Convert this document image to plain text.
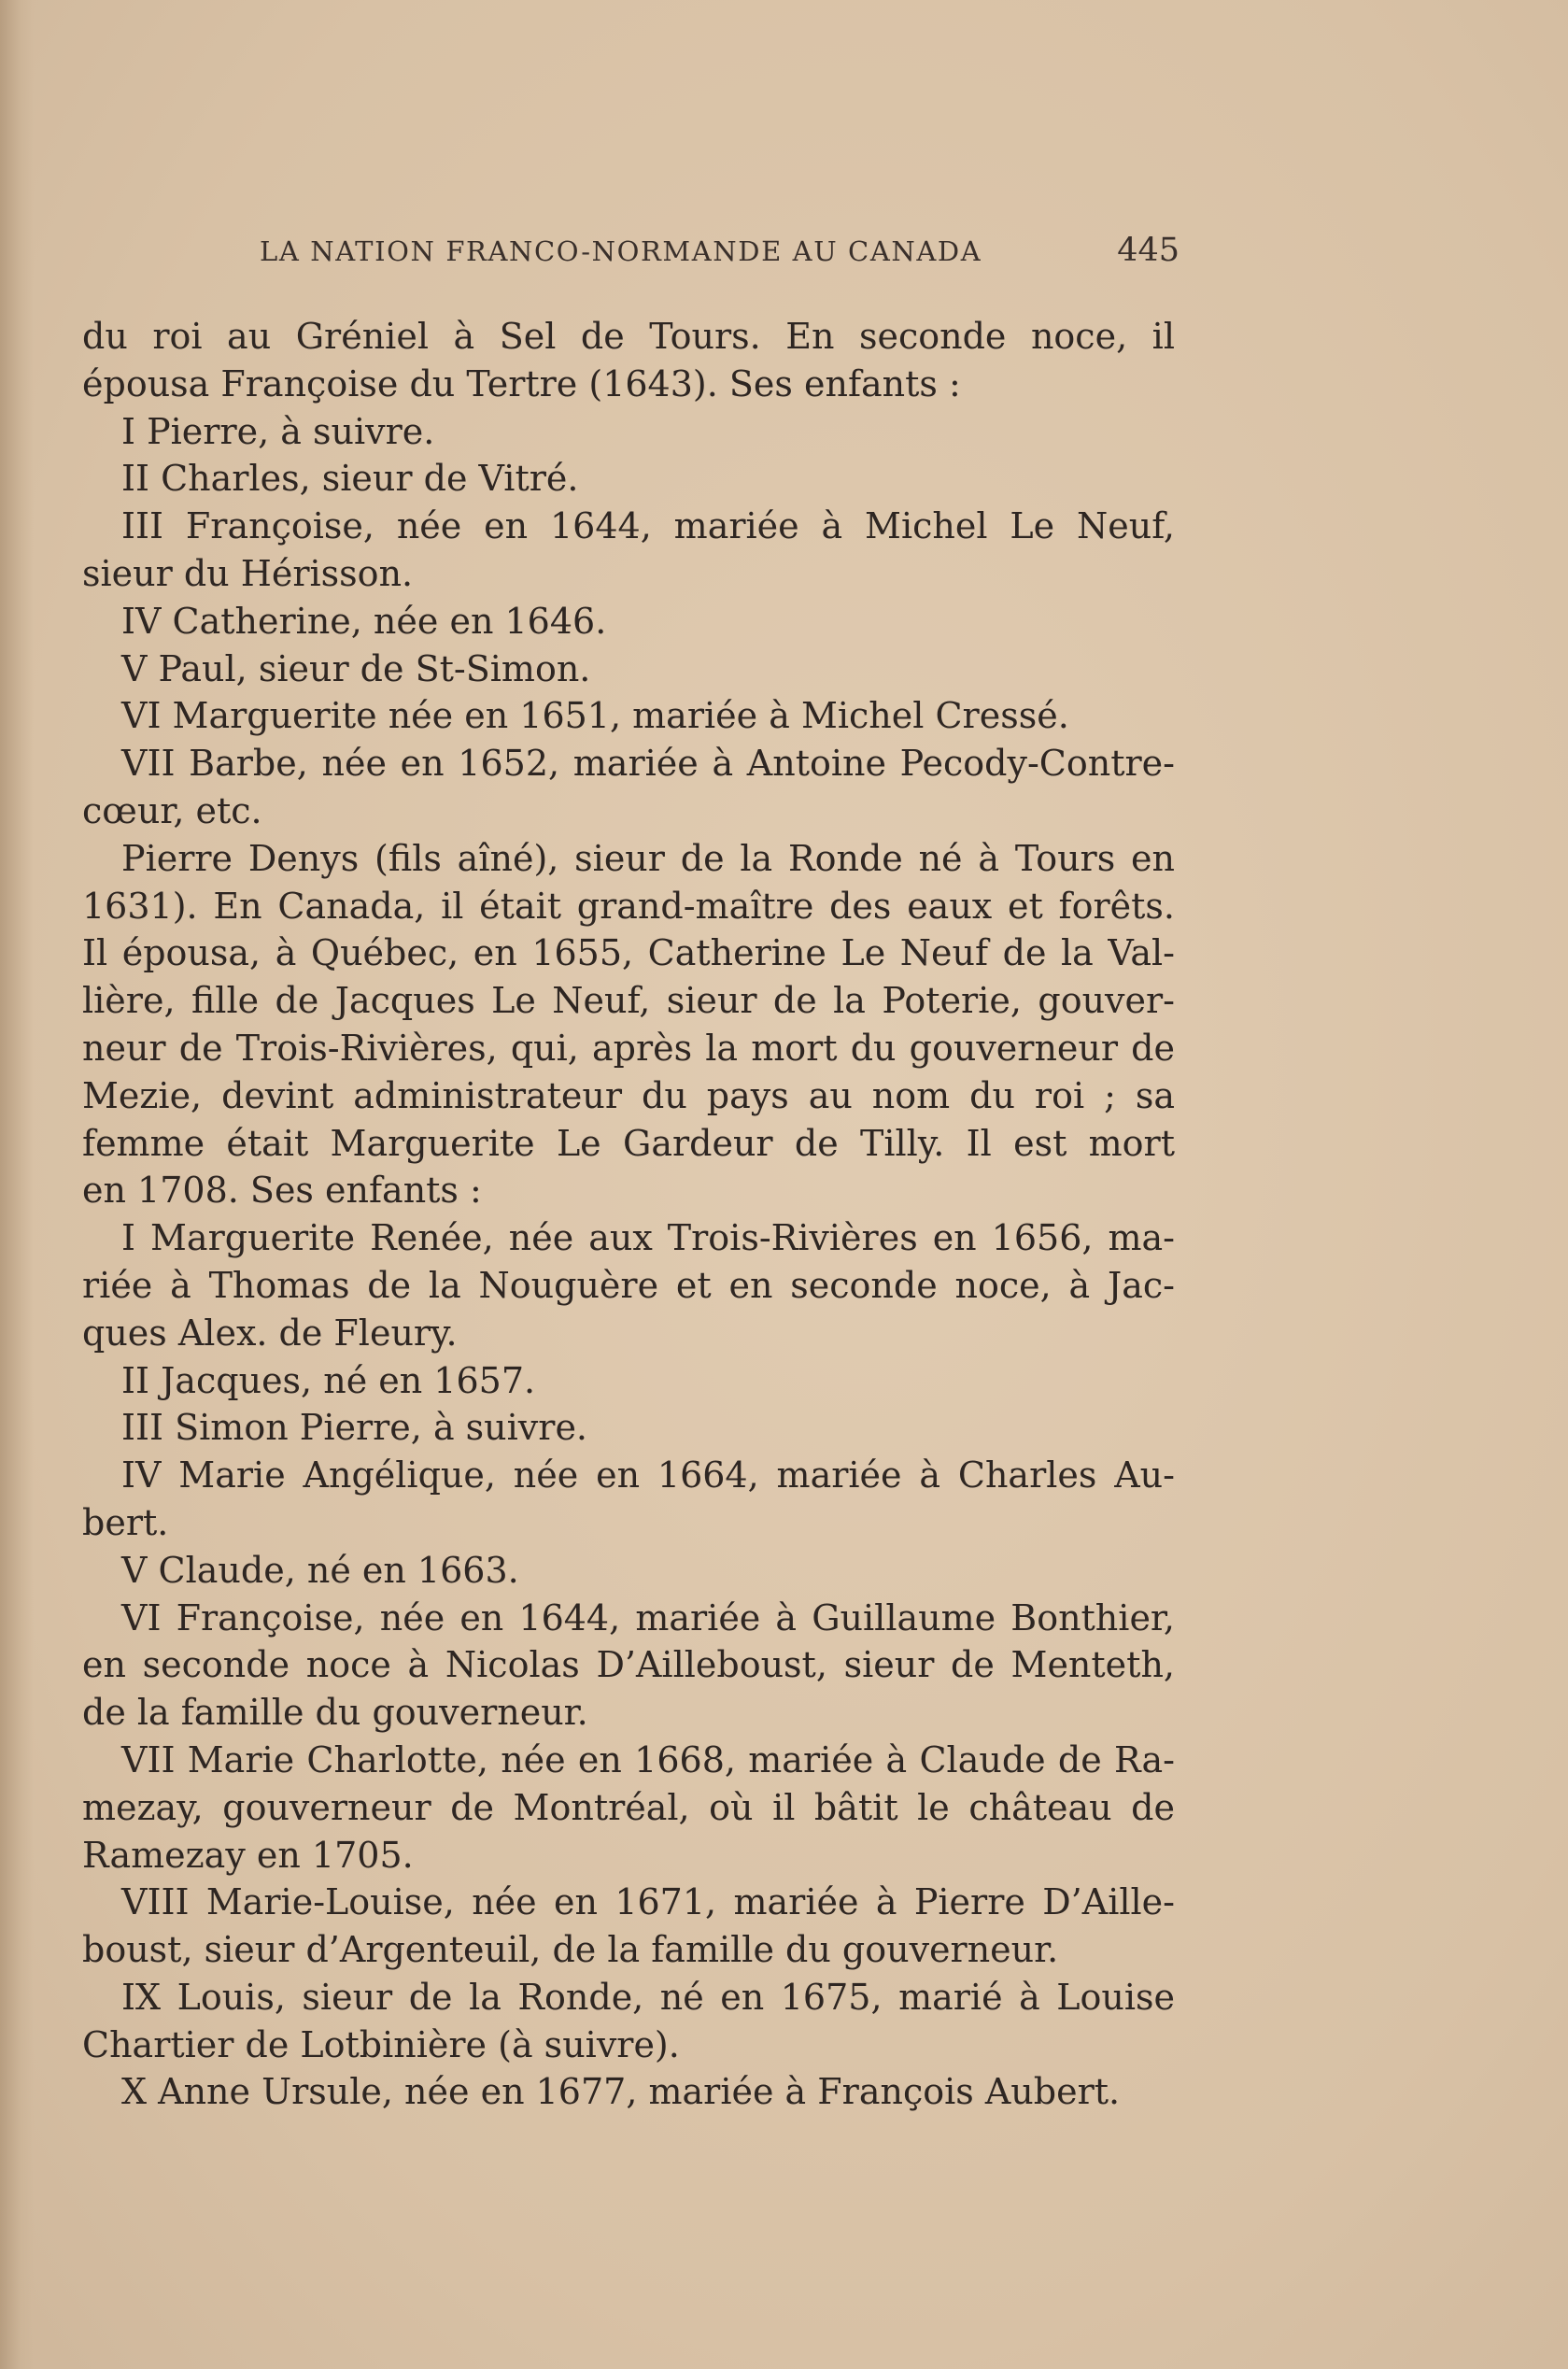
LA NATION FRANCO-NORMANDE AU CANADA	445
du roi au Gréniel à Sel de Tours. En seconde noce, il
épousa Françoise du Tertre (1643). Ses enfants :
I Pierre, à suivre.
II Charles, sieur de Vitré.
III Françoise, née en 1644, mariée à Michel Le Neuf,
sieur du Hérisson.
IV Catherine, née en 1646.
V Paul, sieur de St-Simon.
VI Marguerite née en 1651, mariée à Michel Cressé.
VII Barbe, née en 1652, mariée à Antoine Pecody-Contre-
cœur, etc.
Pierre Denys (fils aîné), sieur de la Ronde né à Tours en
1631). En Canada, il était grand-maître des eaux et forêts.
Il épousa, à Québec, en 1655, Catherine Le Neuf de la Val-
lière, fille de Jacques Le Neuf, sieur de la Poterie, gouver-
neur de Trois-Rivières, qui, après la mort du gouverneur de
Mezie, devint administrateur du pays au nom du roi ; sa
femme était Marguerite Le Gardeur de Tilly. Il est mort
en 1708. Ses enfants :
I Marguerite Renée, née aux Trois-Rivières en 1656, ma-
riée à Thomas de la Nouguère et en seconde noce, à Jac-
ques Alex. de Fleury.
II Jacques, né en 1657.
III Simon Pierre, à suivre.
IV Marie Angélique, née en 1664, mariée à Charles Au-
bert.
V Claude, né en 1663.
VI Françoise, née en 1644, mariée à Guillaume Bonthier,
en seconde noce à Nicolas D’Ailleboust, sieur de Menteth,
de la famille du gouverneur.
VII Marie Charlotte, née en 1668, mariée à Claude de Ra-
mezay, gouverneur de Montréal, où il bâtit le château de
Ramezay en 1705.
VIII Marie-Louise, née en 1671, mariée à Pierre D’Aille-
boust, sieur d’Argenteuil, de la famille du gouverneur.
IX Louis, sieur de la Ronde, né en 1675, marié à Louise
Chartier de Lotbinière (à suivre).
X Anne Ursule, née en 1677, mariée à François Aubert.
